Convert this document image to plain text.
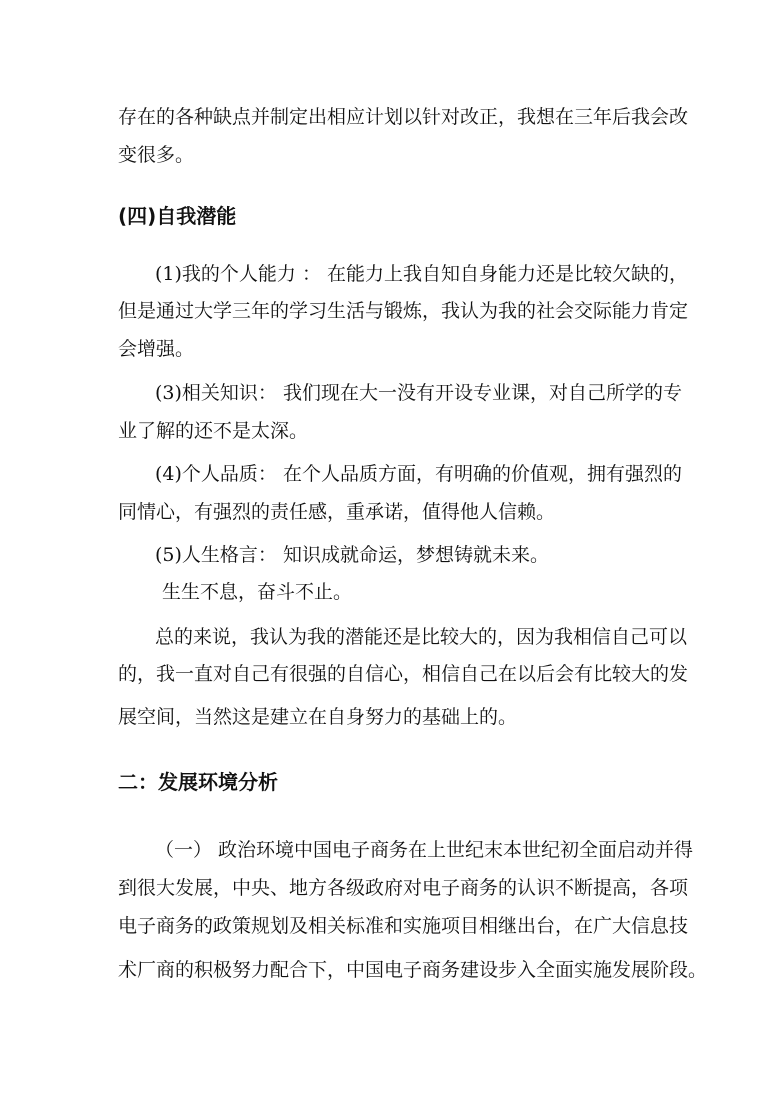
存在的各种缺点并制定出相应计划以针对改正，我想在三年后我会改
变很多。
(四)自我潜能
(1)我的个人能力 ： 在能力上我自知自身能力还是比较欠缺的，
但是通过大学三年的学习生活与锻炼，我认为我的社会交际能力肯定
会增强。
(3)相关知识： 我们现在大一没有开设专业课，对自己所学的专
业了解的还不是太深。
(4)个人品质： 在个人品质方面，有明确的价值观，拥有强烈的
同情心，有强烈的责任感，重承诺，值得他人信赖。
(5)人生格言： 知识成就命运，梦想铸就未来。
生生不息，奋斗不止。
总的来说，我认为我的潜能还是比较大的，因为我相信自己可以
的，我一直对自己有很强的自信心，相信自己在以后会有比较大的发
展空间，当然这是建立在自身努力的基础上的。
二：发展环境分析
（一） 政治环境中国电子商务在上世纪末本世纪初全面启动并得
到很大发展，中央、地方各级政府对电子商务的认识不断提高，各项
电子商务的政策规划及相关标准和实施项目相继出台，在广大信息技
术厂商的积极努力配合下，中国电子商务建设步入全面实施发展阶段。
